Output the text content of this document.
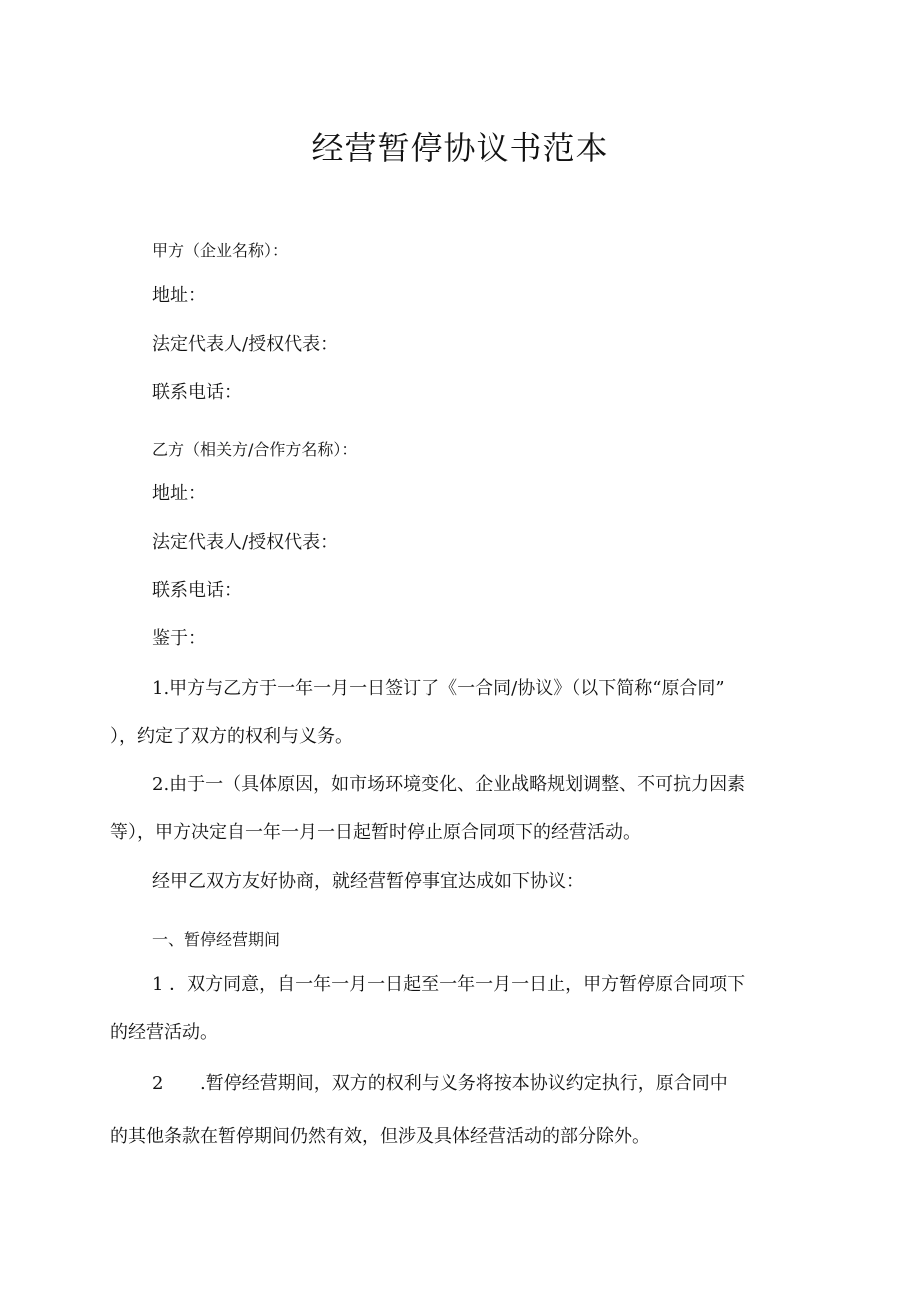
经营暂停协议书范本
甲方（企业名称）：
地址：
法定代表人/授权代表：
联系电话：
乙方（相关方/合作方名称）：
地址：
法定代表人/授权代表：
联系电话：
鉴于：
1.甲方与乙方于一年一月一日签订了《一合同/协议》（以下简称“原合同”
），约定了双方的权利与义务。
2.由于一（具体原因，如市场环境变化、企业战略规划调整、不可抗力因素
等），甲方决定自一年一月一日起暂时停止原合同项下的经营活动。
经甲乙双方友好协商，就经营暂停事宜达成如下协议：
一、暂停经营期间
1 ．双方同意，自一年一月一日起至一年一月一日止，甲方暂停原合同项下
的经营活动。
2 .暂停经营期间，双方的权利与义务将按本协议约定执行，原合同中
的其他条款在暂停期间仍然有效，但涉及具体经营活动的部分除外。
